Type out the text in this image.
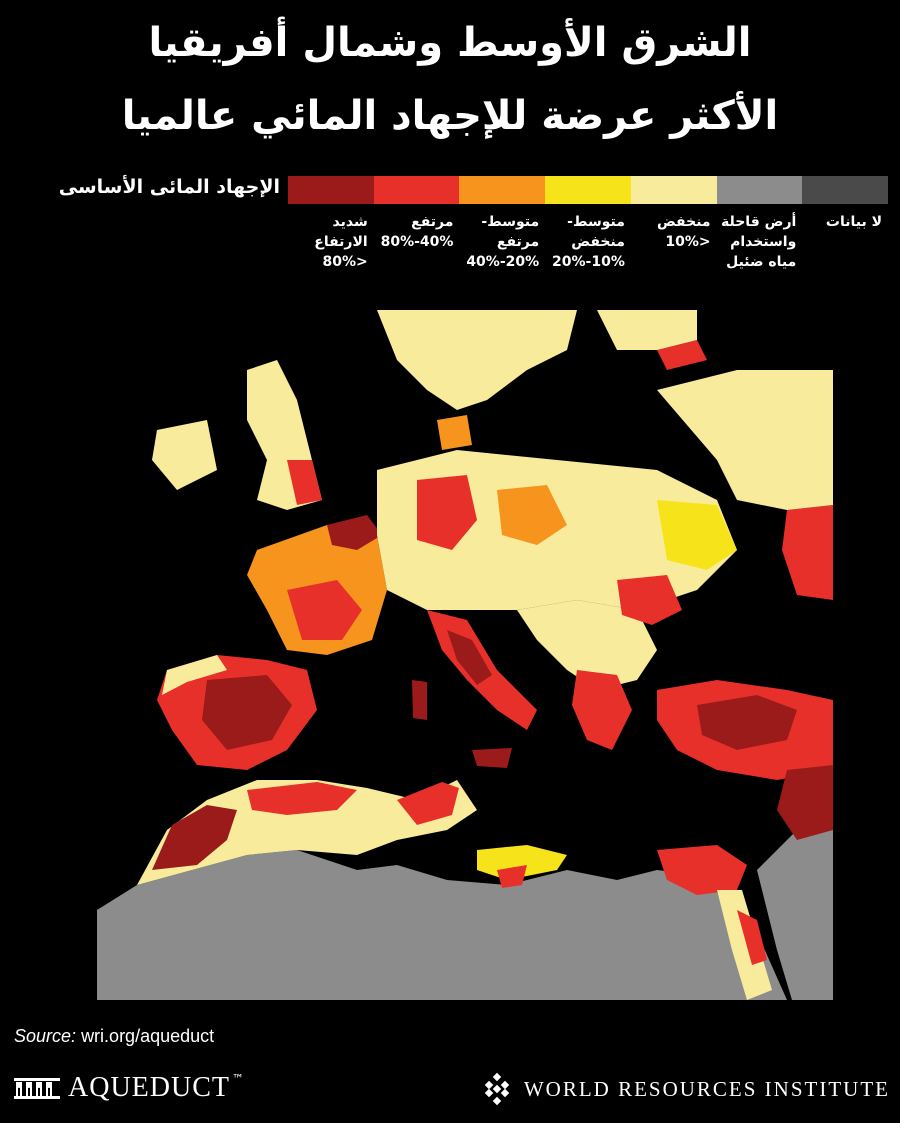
الشرق الأوسط وشمال أفريقيا
الأكثر عرضة للإجهاد المائي عالميا
الإجهاد المائى الأساسى
شديد
الارتفاع
<80%
مرتفع
40%-80%
متوسط-
مرتفع
20%-40%
متوسط-
منخفض
10%-20%
منخفض
<10%
أرض قاحلة
واستخدام
مياه ضئيل
لا بيانات
Source: wri.org/aqueduct
AQUEDUCT ™	WORLD RESOURCES INSTITUTE
